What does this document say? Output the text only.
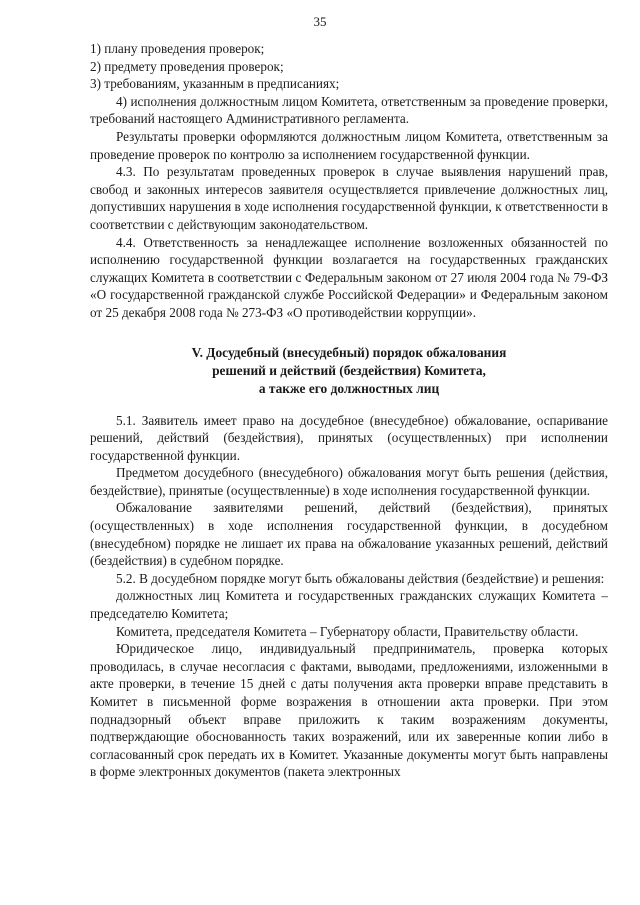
35

1) плану проведения проверок;

2) предмету проведения проверок;

3) требованиям, указанным в предписаниях;

4) исполнения должностным лицом Комитета, ответственным за проведение проверки, требований настоящего Административного регламента.

Результаты проверки оформляются должностным лицом Комитета, ответственным за проведение проверок по контролю за исполнением государственной функции.

4.3. По результатам проведенных проверок в случае выявления нарушений прав, свобод и законных интересов заявителя осуществляется привлечение должностных лиц, допустивших нарушения в ходе исполнения государственной функции, к ответственности в соответствии с действующим законодательством.

4.4. Ответственность за ненадлежащее исполнение возложенных обязанностей по исполнению государственной функции возлагается на государственных гражданских служащих Комитета в соответствии с Федеральным законом от 27 июля 2004 года № 79-ФЗ «О государственной гражданской службе Российской Федерации» и Федеральным законом от 25 декабря 2008 года № 273-ФЗ «О противодействии коррупции».

V. Досудебный (внесудебный) порядок обжалования
решений и действий (бездействия) Комитета,
а также его должностных лиц

5.1. Заявитель имеет право на досудебное (внесудебное) обжалование, оспаривание решений, действий (бездействия), принятых (осуществленных) при исполнении государственной функции.

Предметом досудебного (внесудебного) обжалования могут быть решения (действия, бездействие), принятые (осуществленные) в ходе исполнения государственной функции.

Обжалование заявителями решений, действий (бездействия), принятых (осуществленных) в ходе исполнения государственной функции, в досудебном (внесудебном) порядке не лишает их права на обжалование указанных решений, действий (бездействия) в судебном порядке.

5.2. В досудебном порядке могут быть обжалованы действия (бездействие) и решения:

должностных лиц Комитета и государственных гражданских служащих Комитета – председателю Комитета;

Комитета, председателя Комитета – Губернатору области, Правительству области.

Юридическое лицо, индивидуальный предприниматель, проверка которых проводилась, в случае несогласия с фактами, выводами, предложениями, изложенными в акте проверки, в течение 15 дней с даты получения акта проверки вправе представить в Комитет в письменной форме возражения в отношении акта проверки. При этом поднадзорный объект вправе приложить к таким возражениям документы, подтверждающие обоснованность таких возражений, или их заверенные копии либо в согласованный срок передать их в Комитет. Указанные документы могут быть направлены в форме электронных документов (пакета электронных
